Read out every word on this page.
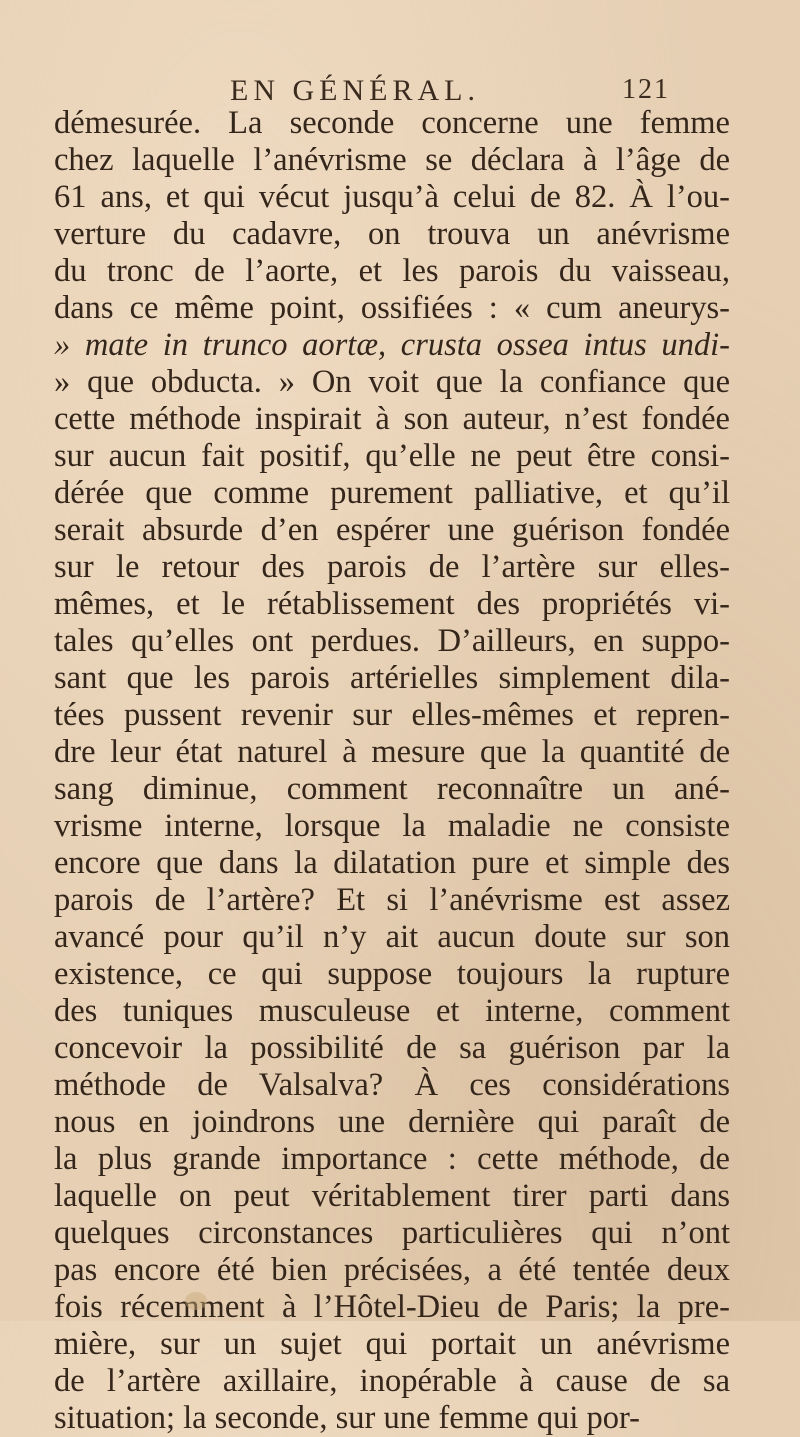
EN GÉNÉRAL.	121
démesurée. La seconde concerne une femme
chez laquelle l’anévrisme se déclara à l’âge de
61 ans, et qui vécut jusqu’à celui de 82. À l’ou-
verture du cadavre, on trouva un anévrisme
du tronc de l’aorte, et les parois du vaisseau,
dans ce même point, ossifiées : « cum aneurys-
» mate in trunco aortæ, crusta ossea intus undi-
» que obducta. » On voit que la confiance que
cette méthode inspirait à son auteur, n’est fondée
sur aucun fait positif, qu’elle ne peut être consi-
dérée que comme purement palliative, et qu’il
serait absurde d’en espérer une guérison fondée
sur le retour des parois de l’artère sur elles-
mêmes, et le rétablissement des propriétés vi-
tales qu’elles ont perdues. D’ailleurs, en suppo-
sant que les parois artérielles simplement dila-
tées pussent revenir sur elles-mêmes et repren-
dre leur état naturel à mesure que la quantité de
sang diminue, comment reconnaître un ané-
vrisme interne, lorsque la maladie ne consiste
encore que dans la dilatation pure et simple des
parois de l’artère? Et si l’anévrisme est assez
avancé pour qu’il n’y ait aucun doute sur son
existence, ce qui suppose toujours la rupture
des tuniques musculeuse et interne, comment
concevoir la possibilité de sa guérison par la
méthode de Valsalva? À ces considérations
nous en joindrons une dernière qui paraît de
la plus grande importance : cette méthode, de
laquelle on peut véritablement tirer parti dans
quelques circonstances particulières qui n’ont
pas encore été bien précisées, a été tentée deux
fois récemment à l’Hôtel-Dieu de Paris; la pre-
mière, sur un sujet qui portait un anévrisme
de l’artère axillaire, inopérable à cause de sa
situation; la seconde, sur une femme qui por-
